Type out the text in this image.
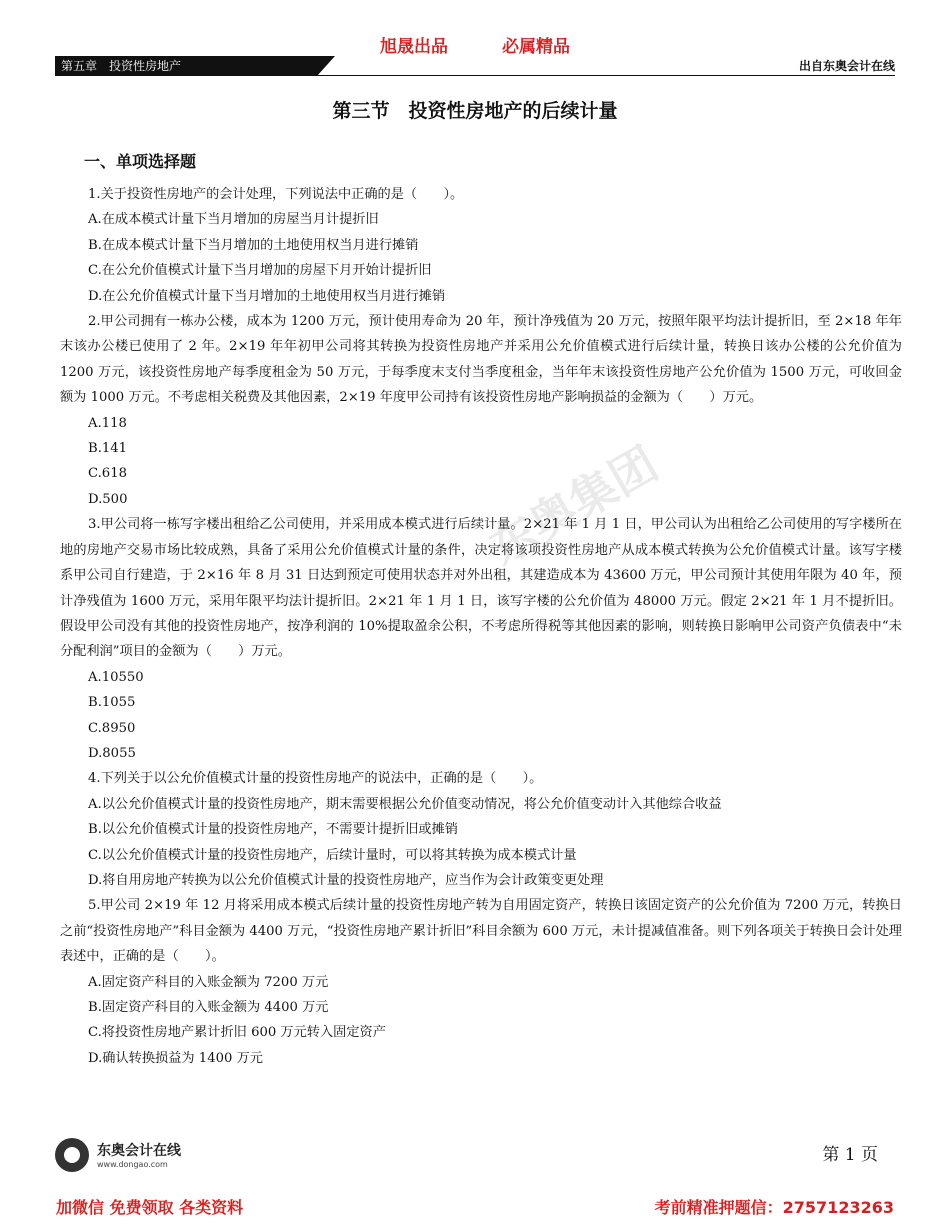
旭晟出品	必属精品
第五章　投资性房地产	出自东奥会计在线
第三节　投资性房地产的后续计量
一、单项选择题
东奥集团

1.关于投资性房地产的会计处理，下列说法中正确的是（　　）。

A.在成本模式计量下当月增加的房屋当月计提折旧

B.在成本模式计量下当月增加的土地使用权当月进行摊销

C.在公允价值模式计量下当月增加的房屋下月开始计提折旧

D.在公允价值模式计量下当月增加的土地使用权当月进行摊销

2.甲公司拥有一栋办公楼，成本为 1200 万元，预计使用寿命为 20 年，预计净残值为 20 万元，按照年限平均法计提折旧，至 2×18 年年末该办公楼已使用了 2 年。2×19 年年初甲公司将其转换为投资性房地产并采用公允价值模式进行后续计量，转换日该办公楼的公允价值为 1200 万元，该投资性房地产每季度租金为 50 万元，于每季度末支付当季度租金，当年年末该投资性房地产公允价值为 1500 万元，可收回金额为 1000 万元。不考虑相关税费及其他因素，2×19 年度甲公司持有该投资性房地产影响损益的金额为（　　）万元。

A.118

B.141

C.618

D.500

3.甲公司将一栋写字楼出租给乙公司使用，并采用成本模式进行后续计量。2×21 年 1 月 1 日，甲公司认为出租给乙公司使用的写字楼所在地的房地产交易市场比较成熟，具备了采用公允价值模式计量的条件，决定将该项投资性房地产从成本模式转换为公允价值模式计量。该写字楼系甲公司自行建造，于 2×16 年 8 月 31 日达到预定可使用状态并对外出租，其建造成本为 43600 万元，甲公司预计其使用年限为 40 年，预计净残值为 1600 万元，采用年限平均法计提折旧。2×21 年 1 月 1 日，该写字楼的公允价值为 48000 万元。假定 2×21 年 1 月不提折旧。假设甲公司没有其他的投资性房地产，按净利润的 10%提取盈余公积，不考虑所得税等其他因素的影响，则转换日影响甲公司资产负债表中“未分配利润”项目的金额为（　　）万元。

A.10550

B.1055

C.8950

D.8055

4.下列关于以公允价值模式计量的投资性房地产的说法中，正确的是（　　）。

A.以公允价值模式计量的投资性房地产，期末需要根据公允价值变动情况，将公允价值变动计入其他综合收益

B.以公允价值模式计量的投资性房地产，不需要计提折旧或摊销

C.以公允价值模式计量的投资性房地产，后续计量时，可以将其转换为成本模式计量

D.将自用房地产转换为以公允价值模式计量的投资性房地产，应当作为会计政策变更处理

5.甲公司 2×19 年 12 月将采用成本模式后续计量的投资性房地产转为自用固定资产，转换日该固定资产的公允价值为 7200 万元，转换日之前“投资性房地产”科目金额为 4400 万元，“投资性房地产累计折旧”科目余额为 600 万元，未计提减值准备。则下列各项关于转换日会计处理表述中，正确的是（　　）。

A.固定资产科目的入账金额为 7200 万元

B.固定资产科目的入账金额为 4400 万元

C.将投资性房地产累计折旧 600 万元转入固定资产

D.确认转换损益为 1400 万元

东奥会计在线
www.dongao.com	第 1 页
加微信 免费领取 各类资料	考前精准押题信：2757123263
